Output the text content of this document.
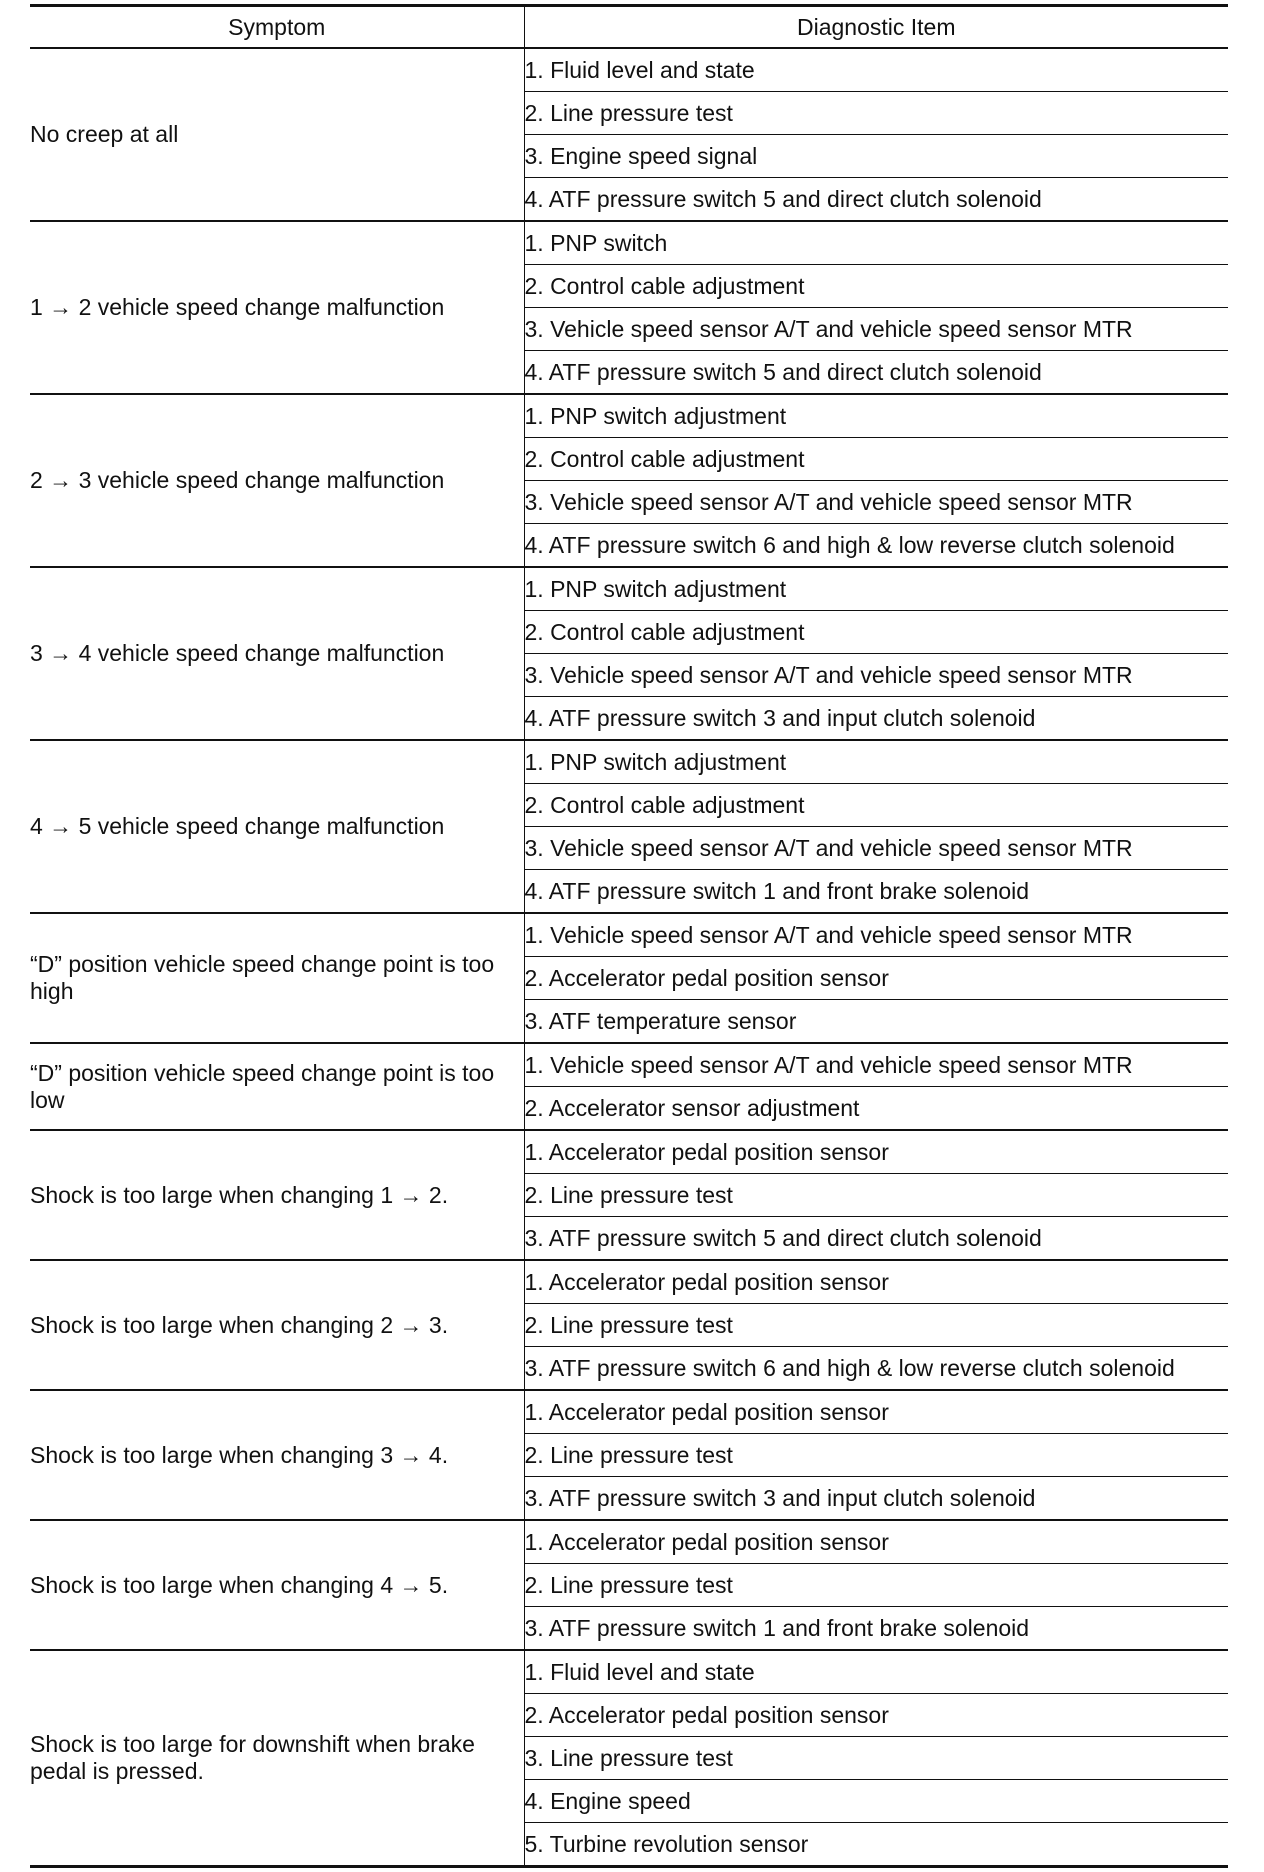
Symptom	Diagnostic Item
No creep at all	1. Fluid level and state
	2. Line pressure test
	3. Engine speed signal
	4. ATF pressure switch 5 and direct clutch solenoid
1 → 2 vehicle speed change malfunction	1. PNP switch
	2. Control cable adjustment
	3. Vehicle speed sensor A/T and vehicle speed sensor MTR
	4. ATF pressure switch 5 and direct clutch solenoid
2 → 3 vehicle speed change malfunction	1. PNP switch adjustment
	2. Control cable adjustment
	3. Vehicle speed sensor A/T and vehicle speed sensor MTR
	4. ATF pressure switch 6 and high & low reverse clutch solenoid
3 → 4 vehicle speed change malfunction	1. PNP switch adjustment
	2. Control cable adjustment
	3. Vehicle speed sensor A/T and vehicle speed sensor MTR
	4. ATF pressure switch 3 and input clutch solenoid
4 → 5 vehicle speed change malfunction	1. PNP switch adjustment
	2. Control cable adjustment
	3. Vehicle speed sensor A/T and vehicle speed sensor MTR
	4. ATF pressure switch 1 and front brake solenoid
“D” position vehicle speed change point is too high	1. Vehicle speed sensor A/T and vehicle speed sensor MTR
	2. Accelerator pedal position sensor
	3. ATF temperature sensor
“D” position vehicle speed change point is too low	1. Vehicle speed sensor A/T and vehicle speed sensor MTR
	2. Accelerator sensor adjustment
Shock is too large when changing 1 → 2.	1. Accelerator pedal position sensor
	2. Line pressure test
	3. ATF pressure switch 5 and direct clutch solenoid
Shock is too large when changing 2 → 3.	1. Accelerator pedal position sensor
	2. Line pressure test
	3. ATF pressure switch 6 and high & low reverse clutch solenoid
Shock is too large when changing 3 → 4.	1. Accelerator pedal position sensor
	2. Line pressure test
	3. ATF pressure switch 3 and input clutch solenoid
Shock is too large when changing 4 → 5.	1. Accelerator pedal position sensor
	2. Line pressure test
	3. ATF pressure switch 1 and front brake solenoid
Shock is too large for downshift when brake pedal is pressed.	1. Fluid level and state
	2. Accelerator pedal position sensor
	3. Line pressure test
	4. Engine speed
	5. Turbine revolution sensor
